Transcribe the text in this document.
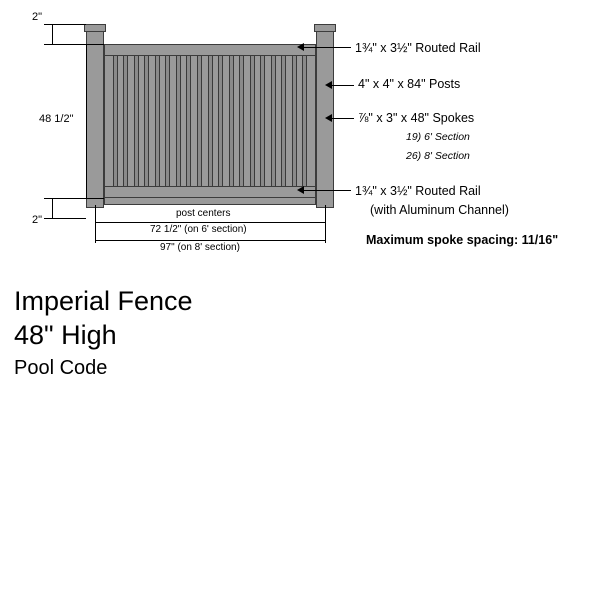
2"
48 1/2"
2"
post centers
72 1/2" (on 6' section)
97" (on 8' section)
1¾" x 3½" Routed Rail
4" x 4" x 84" Posts
⅞" x 3" x 48" Spokes
19) 6' Section
26) 8' Section
1¾" x 3½" Routed Rail
(with Aluminum Channel)
Maximum spoke spacing: 11/16"
Imperial Fence
48" High
Pool Code
